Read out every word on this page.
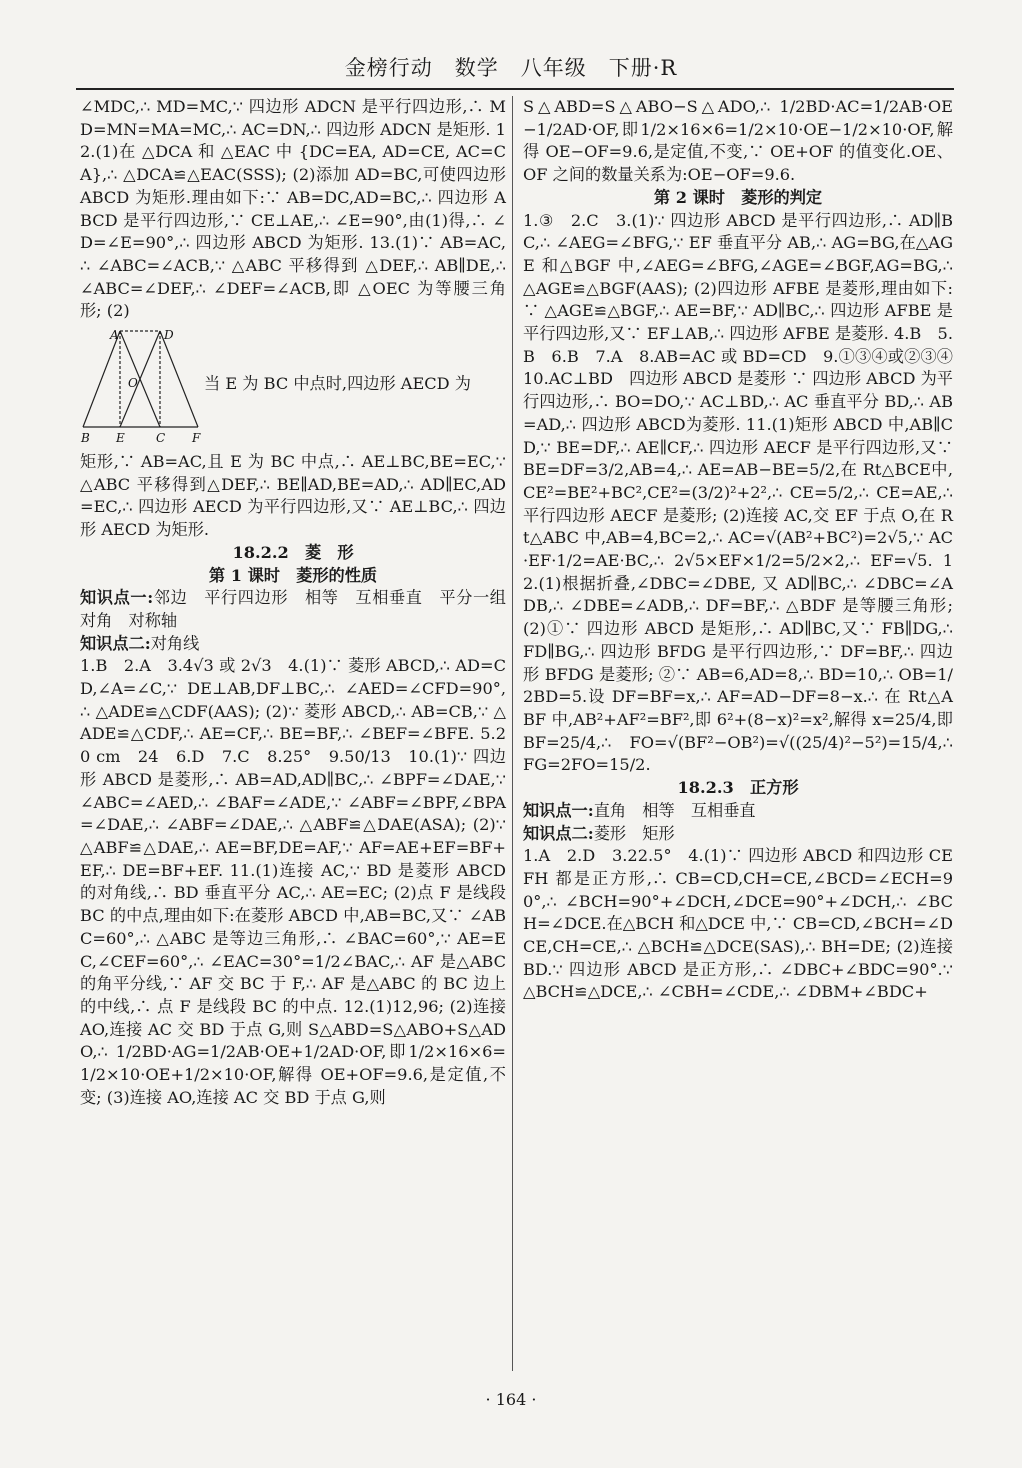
金榜行动　数学　八年级　下册·R

∠MDC,∴ MD=MC,∵ 四边形 ADCN 是平行四边形,∴ MD=MN=MA=MC,∴ AC=DN,∴ 四边形 ADCN 是矩形. 12.(1)在 △DCA 和 △EAC 中 {DC=EA, AD=CE, AC=CA},∴ △DCA≌△EAC(SSS); (2)添加 AD=BC,可使四边形 ABCD 为矩形.理由如下:∵ AB=DC,AD=BC,∴ 四边形 ABCD 是平行四边形,∵ CE⊥AE,∴ ∠E=90°,由(1)得,∴ ∠D=∠E=90°,∴ 四边形 ABCD 为矩形. 13.(1)∵ AB=AC,∴ ∠ABC=∠ACB,∵ △ABC 平移得到 △DEF,∴ AB∥DE,∴ ∠ABC=∠DEF,∴ ∠DEF=∠ACB,即 △OEC 为等腰三角形; (2)

A	D
O
B E	C F
当 E 为 BC 中点时,四边形 AECD 为

矩形,∵ AB=AC,且 E 为 BC 中点,∴ AE⊥BC,BE=EC,∵ △ABC 平移得到△DEF,∴ BE∥AD,BE=AD,∴ AD∥EC,AD=EC,∴ 四边形 AECD 为平行四边形,又∵ AE⊥BC,∴ 四边形 AECD 为矩形.

18.2.2　菱　形

第 1 课时　菱形的性质

知识点一:邻边　平行四边形　相等　互相垂直　平分一组对角　对称轴

知识点二:对角线

1.B　2.A　3.4√3 或 2√3　4.(1)∵ 菱形 ABCD,∴ AD=CD,∠A=∠C,∵ DE⊥AB,DF⊥BC,∴ ∠AED=∠CFD=90°,∴ △ADE≌△CDF(AAS); (2)∵ 菱形 ABCD,∴ AB=CB,∵ △ADE≌△CDF,∴ AE=CF,∴ BE=BF,∴ ∠BEF=∠BFE. 5.20 cm　24　6.D　7.C　8.25°　9.50/13　10.(1)∵ 四边形 ABCD 是菱形,∴ AB=AD,AD∥BC,∴ ∠BPF=∠DAE,∵ ∠ABC=∠AED,∴ ∠BAF=∠ADE,∵ ∠ABF=∠BPF,∠BPA=∠DAE,∴ ∠ABF=∠DAE,∴ △ABF≌△DAE(ASA); (2)∵ △ABF≌△DAE,∴ AE=BF,DE=AF,∵ AF=AE+EF=BF+EF,∴ DE=BF+EF. 11.(1)连接 AC,∵ BD 是菱形 ABCD 的对角线,∴ BD 垂直平分 AC,∴ AE=EC; (2)点 F 是线段 BC 的中点,理由如下:在菱形 ABCD 中,AB=BC,又∵ ∠ABC=60°,∴ △ABC 是等边三角形,∴ ∠BAC=60°,∵ AE=EC,∠CEF=60°,∴ ∠EAC=30°=1/2∠BAC,∴ AF 是△ABC 的角平分线,∵ AF 交 BC 于 F,∴ AF 是△ABC 的 BC 边上的中线,∴ 点 F 是线段 BC 的中点. 12.(1)12,96; (2)连接 AO,连接 AC 交 BD 于点 G,则 S△ABD=S△ABO+S△ADO,∴ 1/2BD·AG=1/2AB·OE+1/2AD·OF,即1/2×16×6=1/2×10·OE+1/2×10·OF,解得 OE+OF=9.6,是定值,不变; (3)连接 AO,连接 AC 交 BD 于点 G,则

S△ABD=S△ABO−S△ADO,∴ 1/2BD·AC=1/2AB·OE−1/2AD·OF,即1/2×16×6=1/2×10·OE−1/2×10·OF,解得 OE−OF=9.6,是定值,不变,∵ OE+OF 的值变化.OE、OF 之间的数量关系为:OE−OF=9.6.

第 2 课时　菱形的判定

1.③　2.C　3.(1)∵ 四边形 ABCD 是平行四边形,∴ AD∥BC,∴ ∠AEG=∠BFG,∵ EF 垂直平分 AB,∴ AG=BG,在△AGE 和△BGF 中,∠AEG=∠BFG,∠AGE=∠BGF,AG=BG,∴ △AGE≌△BGF(AAS); (2)四边形 AFBE 是菱形,理由如下:∵ △AGE≌△BGF,∴ AE=BF,∵ AD∥BC,∴ 四边形 AFBE 是平行四边形,又∵ EF⊥AB,∴ 四边形 AFBE 是菱形. 4.B　5.B　6.B　7.A　8.AB=AC 或 BD=CD　9.①③④或②③④　10.AC⊥BD　四边形 ABCD 是菱形 ∵ 四边形 ABCD 为平行四边形,∴ BO=DO,∵ AC⊥BD,∴ AC 垂直平分 BD,∴ AB=AD,∴ 四边形 ABCD为菱形. 11.(1)矩形 ABCD 中,AB∥CD,∵ BE=DF,∴ AE∥CF,∴ 四边形 AECF 是平行四边形,又∵ BE=DF=3/2,AB=4,∴ AE=AB−BE=5/2,在 Rt△BCE中,CE²=BE²+BC²,CE²=(3/2)²+2²,∴ CE=5/2,∴ CE=AE,∴ 平行四边形 AECF 是菱形; (2)连接 AC,交 EF 于点 O,在 Rt△ABC 中,AB=4,BC=2,∴ AC=√(AB²+BC²)=2√5,∵ AC·EF·1/2=AE·BC,∴ 2√5×EF×1/2=5/2×2,∴ EF=√5. 12.(1)根据折叠,∠DBC=∠DBE, 又 AD∥BC,∴ ∠DBC=∠ADB,∴ ∠DBE=∠ADB,∴ DF=BF,∴ △BDF 是等腰三角形; (2)①∵ 四边形 ABCD 是矩形,∴ AD∥BC,又∵ FB∥DG,∴ FD∥BG,∴ 四边形 BFDG 是平行四边形,∵ DF=BF,∴ 四边形 BFDG 是菱形; ②∵ AB=6,AD=8,∴ BD=10,∴ OB=1/2BD=5.设 DF=BF=x,∴ AF=AD−DF=8−x.∴ 在 Rt△ABF 中,AB²+AF²=BF²,即 6²+(8−x)²=x²,解得 x=25/4,即 BF=25/4,∴ FO=√(BF²−OB²)=√((25/4)²−5²)=15/4,∴ FG=2FO=15/2.

18.2.3　正方形

知识点一:直角　相等　互相垂直

知识点二:菱形　矩形

1.A　2.D　3.22.5°　4.(1)∵ 四边形 ABCD 和四边形 CEFH 都是正方形,∴ CB=CD,CH=CE,∠BCD=∠ECH=90°,∴ ∠BCH=90°+∠DCH,∠DCE=90°+∠DCH,∴ ∠BCH=∠DCE.在△BCH 和△DCE 中,∵ CB=CD,∠BCH=∠DCE,CH=CE,∴ △BCH≌△DCE(SAS),∴ BH=DE; (2)连接 BD.∵ 四边形 ABCD 是正方形,∴ ∠DBC+∠BDC=90°.∵ △BCH≌△DCE,∴ ∠CBH=∠CDE,∴ ∠DBM+∠BDC+

· 164 ·
